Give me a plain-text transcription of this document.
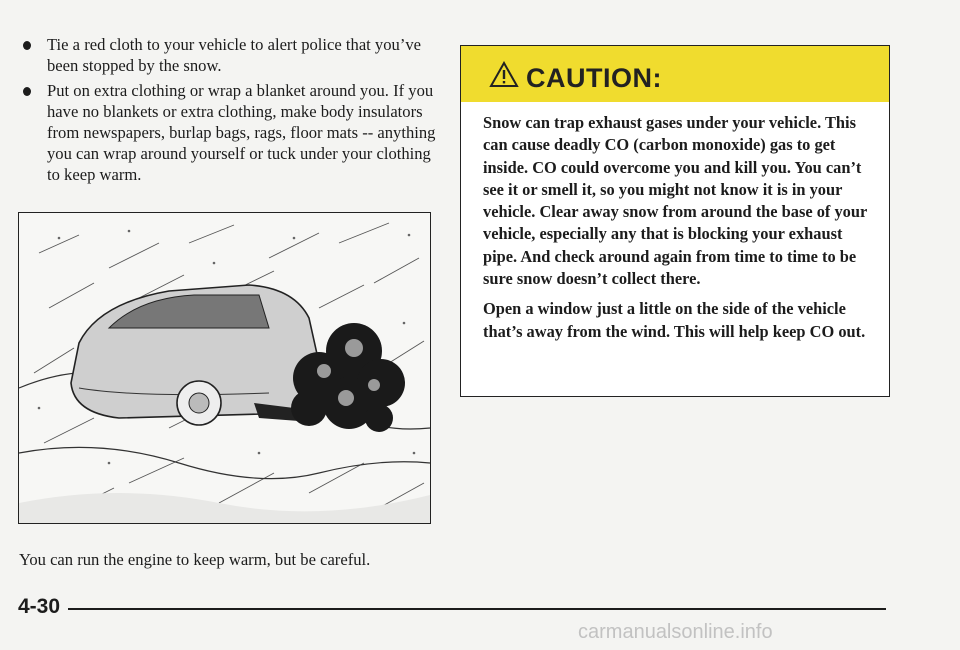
Tie a red cloth to your vehicle to alert police that you’ve been stopped by the snow.
Put on extra clothing or wrap a blanket around you. If you have no blankets or extra clothing, make body insulators from newspapers, burlap bags, rags, floor mats -- anything you can wrap around yourself or tuck under your clothing to keep warm.
You can run the engine to keep warm, but be careful.
CAUTION:

Snow can trap exhaust gases under your vehicle. This can cause deadly CO (carbon monoxide) gas to get inside. CO could overcome you and kill you. You can’t see it or smell it, so you might not know it is in your vehicle. Clear away snow from around the base of your vehicle, especially any that is blocking your exhaust pipe. And check around again from time to time to be sure snow doesn’t collect there.

Open a window just a little on the side of the vehicle that’s away from the wind. This will help keep CO out.

4-30
carmanualsonline.info
